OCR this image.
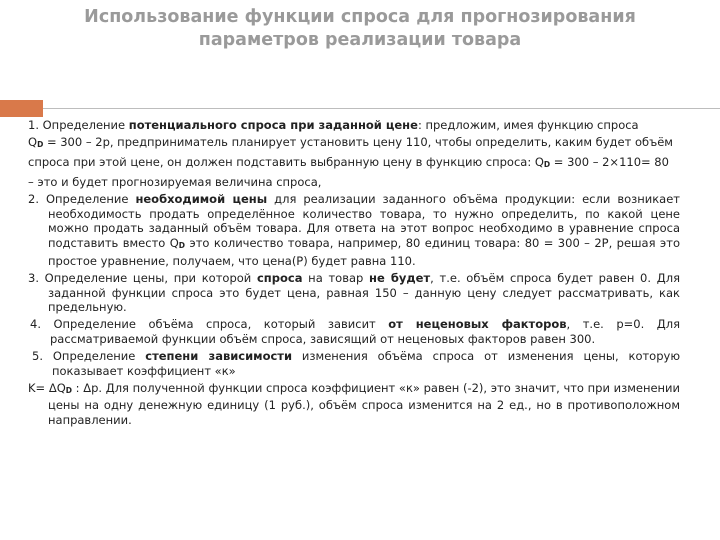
Использование функции спроса для прогнозирования
параметров реализации товара
1. Определение потенциального спроса при заданной цене: предложим, имея функцию спроса
QD = 300 – 2р, предприниматель планирует установить цену 110, чтобы определить, каким будет объём
спроса при этой цене, он должен подставить выбранную цену в функцию спроса: QD = 300 – 2×110= 80
– это и будет прогнозируемая величина спроса,
2. Определение необходимой цены для реализации заданного объёма продукции: если возникает необходимость продать определённое количество товара, то нужно определить, по какой цене можно продать заданный объём товара. Для ответа на этот вопрос необходимо в уравнение спроса подставить вместо QD это количество товара, например, 80 единиц товара: 80 = 300 – 2Р, решая это простое уравнение, получаем, что цена(Р) будет равна 110.
3. Определение цены, при которой спроса на товар не будет, т.е. объём спроса будет равен 0. Для заданной функции спроса это будет цена, равная 150 – данную цену следует рассматривать, как предельную.
4. Определение объёма спроса, который зависит от неценовых факторов, т.е. р=0. Для рассматриваемой функции объём спроса, зависящий от неценовых факторов равен 300.
5. Определение степени зависимости изменения объёма спроса от изменения цены, которую показывает коэффициент «к»
K= ΔQD : Δр. Для полученной функции спроса коэффициент «к» равен (-2), это значит, что при изменении цены на одну денежную единицу (1 руб.), объём спроса изменится на 2 ед., но в противоположном направлении.
